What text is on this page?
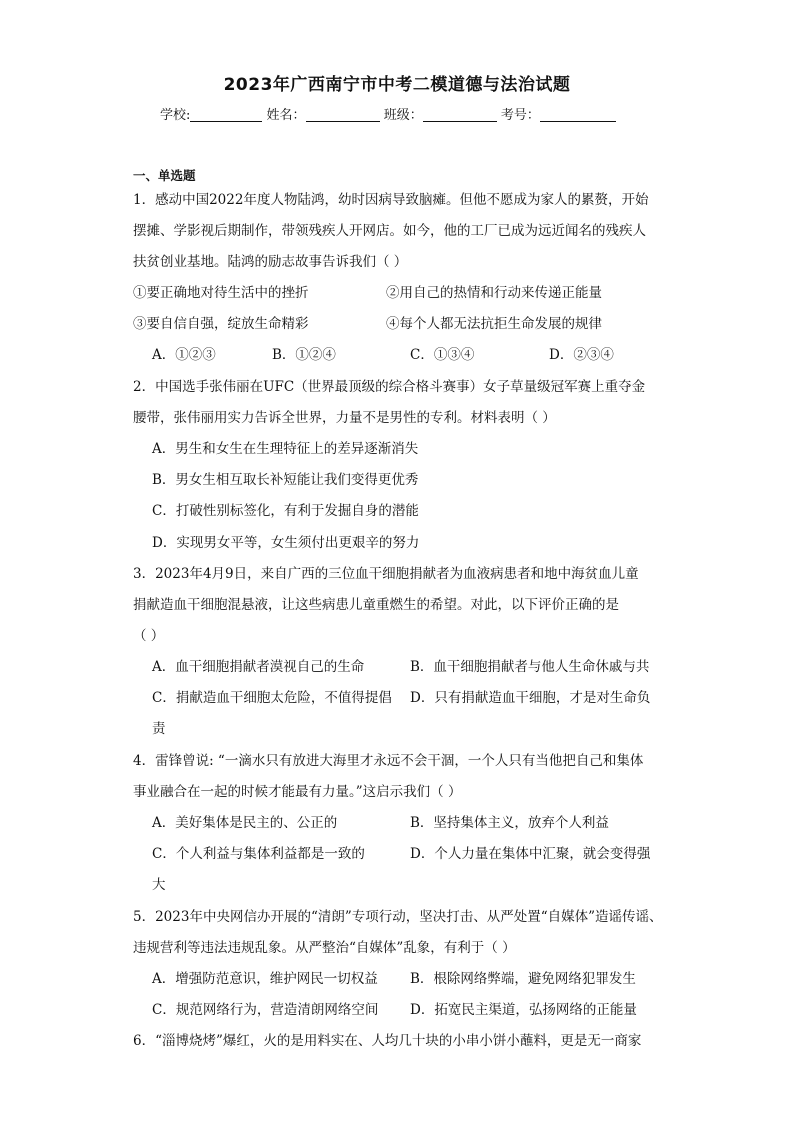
2023年广西南宁市中考二模道德与法治试题
学校:	姓名：	班级：	考号：
一、单选题
1．感动中国2022年度人物陆鸿，幼时因病导致脑瘫。但他不愿成为家人的累赘，开始
摆摊、学影视后期制作，带领残疾人开网店。如今，他的工厂已成为远近闻名的残疾人
扶贫创业基地。陆鸿的励志故事告诉我们（ ）
①要正确地对待生活中的挫折	②用自己的热情和行动来传递正能量
③要自信自强，绽放生命精彩	④每个人都无法抗拒生命发展的规律
A．①②③	B．①②④	C．①③④	D．②③④
2．中国选手张伟丽在UFC（世界最顶级的综合格斗赛事）女子草量级冠军赛上重夺金
腰带，张伟丽用实力告诉全世界，力量不是男性的专利。材料表明（ ）
A．男生和女生在生理特征上的差异逐渐消失
B．男女生相互取长补短能让我们变得更优秀
C．打破性别标签化，有利于发掘自身的潜能
D．实现男女平等，女生须付出更艰辛的努力
3．2023年4月9日，来自广西的三位血干细胞捐献者为血液病患者和地中海贫血儿童
捐献造血干细胞混悬液，让这些病患儿童重燃生的希望。对此，以下评价正确的是
（ ）
A．血干细胞捐献者漠视自己的生命	B．血干细胞捐献者与他人生命休戚与共
C．捐献造血干细胞太危险，不值得提倡 D．只有捐献造血干细胞，才是对生命负
责
4．雷锋曾说: “一滴水只有放进大海里才永远不会干涸，一个人只有当他把自己和集体
事业融合在一起的时候才能最有力量。”这启示我们（ ）
A．美好集体是民主的、公正的	B．坚持集体主义，放弃个人利益
C．个人利益与集体利益都是一致的	D．个人力量在集体中汇聚，就会变得强
大
5．2023年中央网信办开展的“清朗”专项行动，坚决打击、从严处置“自媒体”造谣传谣、
违规营利等违法违规乱象。从严整治“自媒体”乱象，有利于（ ）
A．增强防范意识，维护网民一切权益 B．根除网络弊端，避免网络犯罪发生
C．规范网络行为，营造清朗网络空间 D．拓宽民主渠道，弘扬网络的正能量
6．“淄博烧烤”爆红，火的是用料实在、人均几十块的小串小饼小蘸料，更是无一商家
